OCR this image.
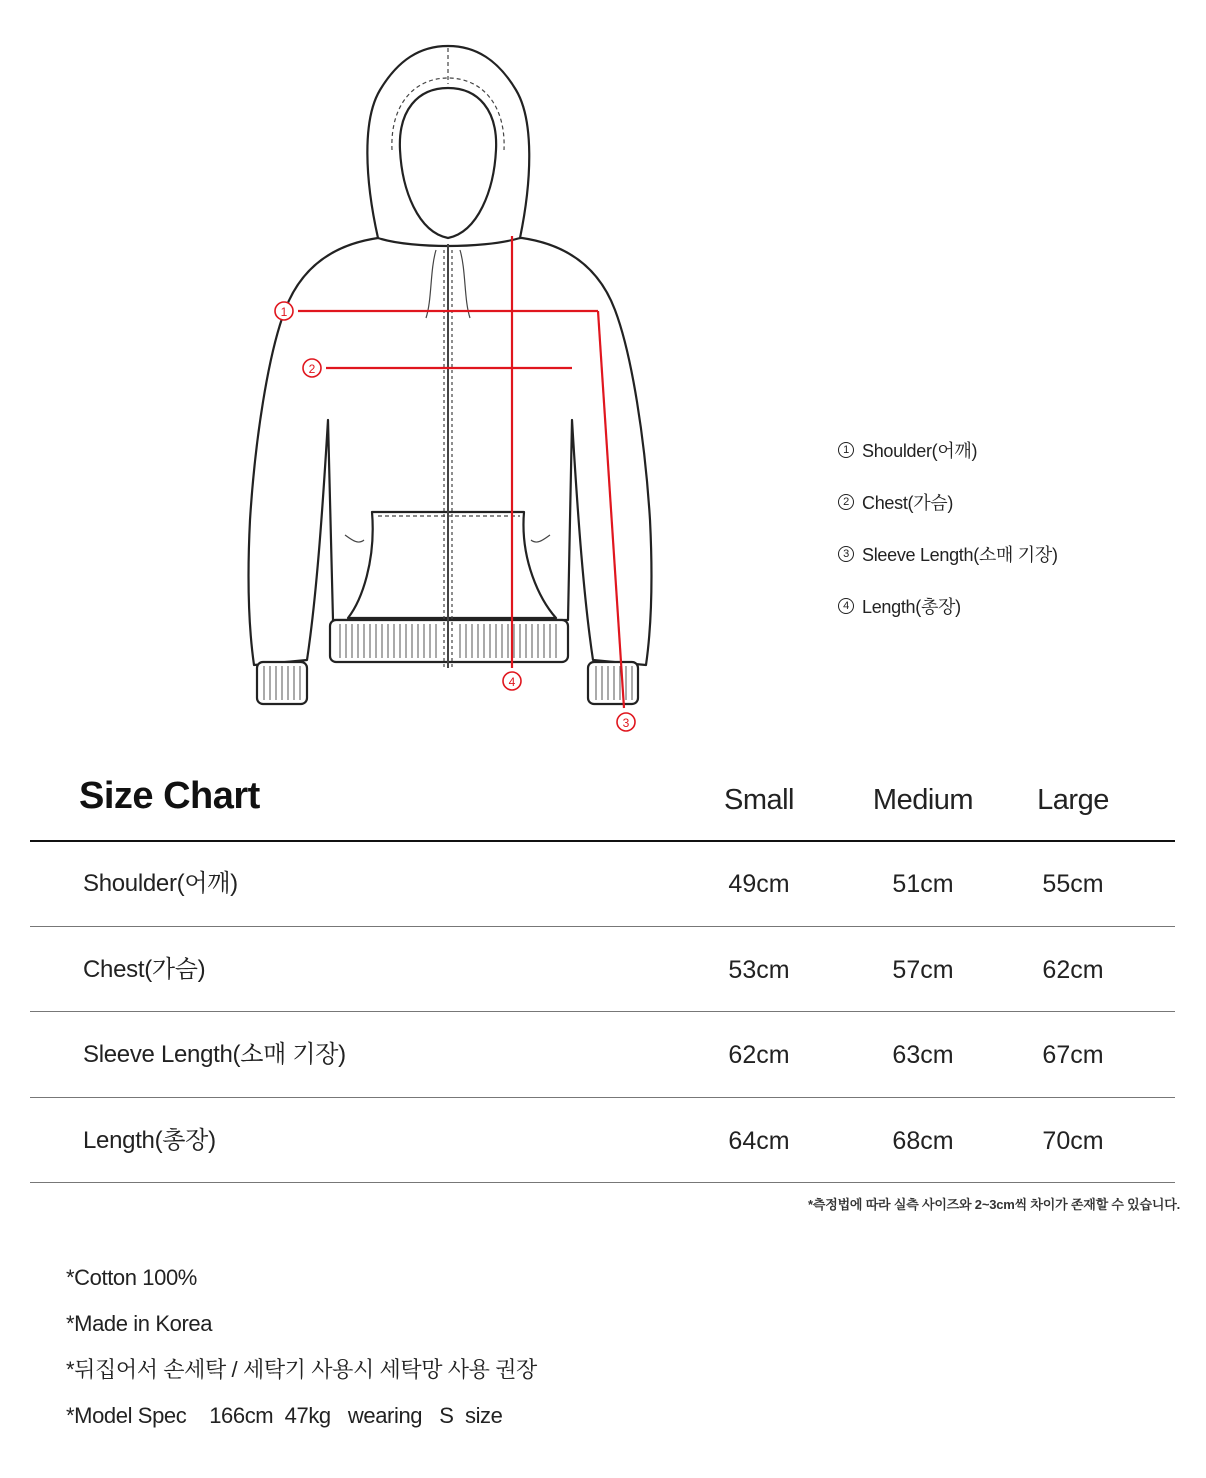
1
2
3
4
1 Shoulder(어깨)
2 Chest(가슴)
3 Sleeve Length(소매 기장)
4 Length(총장)
Size Chart	Small	Medium	Large
Shoulder(어깨)	49cm	51cm	55cm
Chest(가슴)	53cm	57cm	62cm
Sleeve Length(소매 기장)	62cm	63cm	67cm
Length(총장)	64cm	68cm	70cm
*측정법에 따라 실측 사이즈와 2~3cm씩 차이가 존재할 수 있습니다.
*Cotton 100%
*Made in Korea
*뒤집어서 손세탁 / 세탁기 사용시 세탁망 사용 권장
*Model Spec    166cm  47kg   wearing   S  size
